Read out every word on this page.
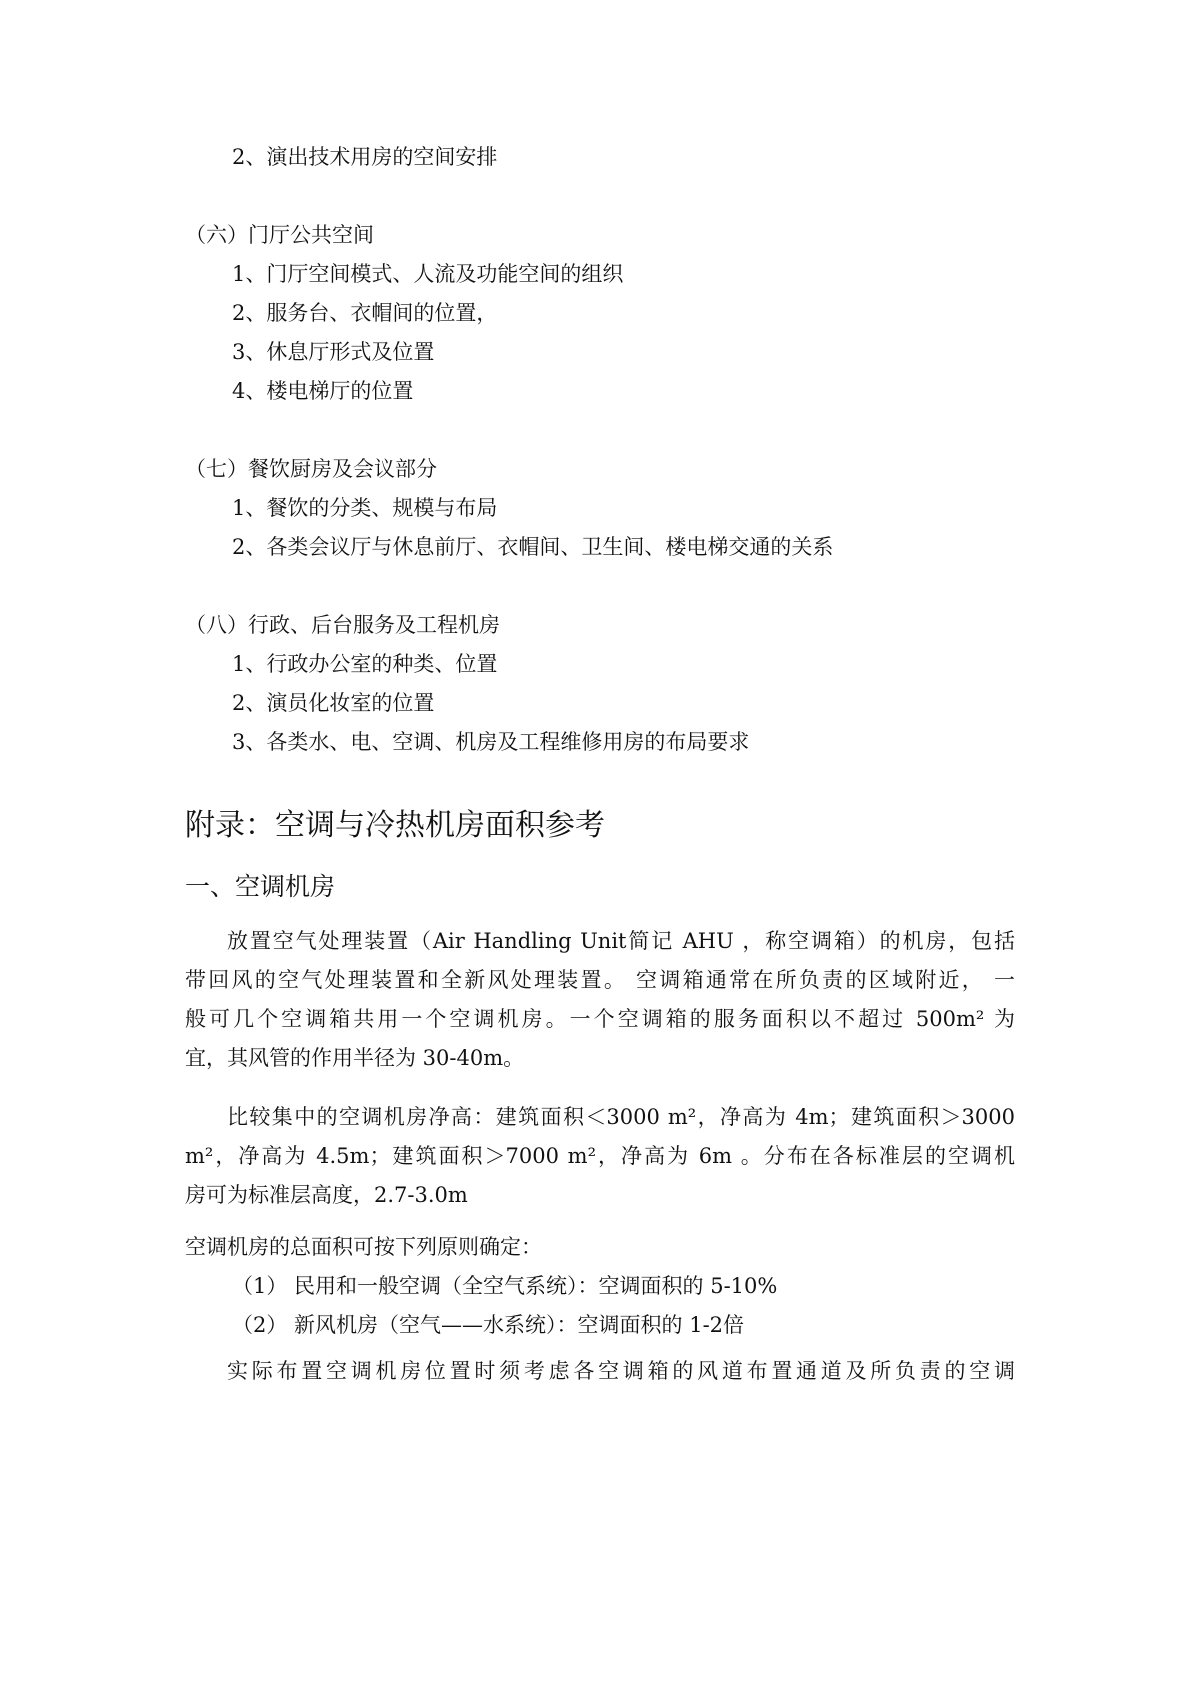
2、演出技术用房的空间安排
（六）门厅公共空间
1、门厅空间模式、人流及功能空间的组织
2、服务台、衣帽间的位置，
3、休息厅形式及位置
4、楼电梯厅的位置
（七）餐饮厨房及会议部分
1、餐饮的分类、规模与布局
2、各类会议厅与休息前厅、衣帽间、卫生间、楼电梯交通的关系
（八）行政、后台服务及工程机房
1、行政办公室的种类、位置
2、演员化妆室的位置
3、各类水、电、空调、机房及工程维修用房的布局要求
附录：空调与冷热机房面积参考
一、空调机房

放置空气处理装置（Air Handling Unit简记 AHU ，称空调箱）的机房，包括

带回风的空气处理装置和全新风处理装置。 空调箱通常在所负责的区域附近， 一

般可几个空调箱共用一个空调机房。一个空调箱的服务面积以不超过 500m² 为

宜，其风管的作用半径为 30-40m。

比较集中的空调机房净高：建筑面积＜3000 m²，净高为 4m；建筑面积＞3000

m²，净高为 4.5m；建筑面积＞7000 m²，净高为 6m 。分布在各标准层的空调机

房可为标准层高度，2.7-3.0m

空调机房的总面积可按下列原则确定：
（1） 民用和一般空调（全空气系统）：空调面积的 5-10%
（2） 新风机房（空气——水系统）：空调面积的 1-2倍

实际布置空调机房位置时须考虑各空调箱的风道布置通道及所负责的空调
